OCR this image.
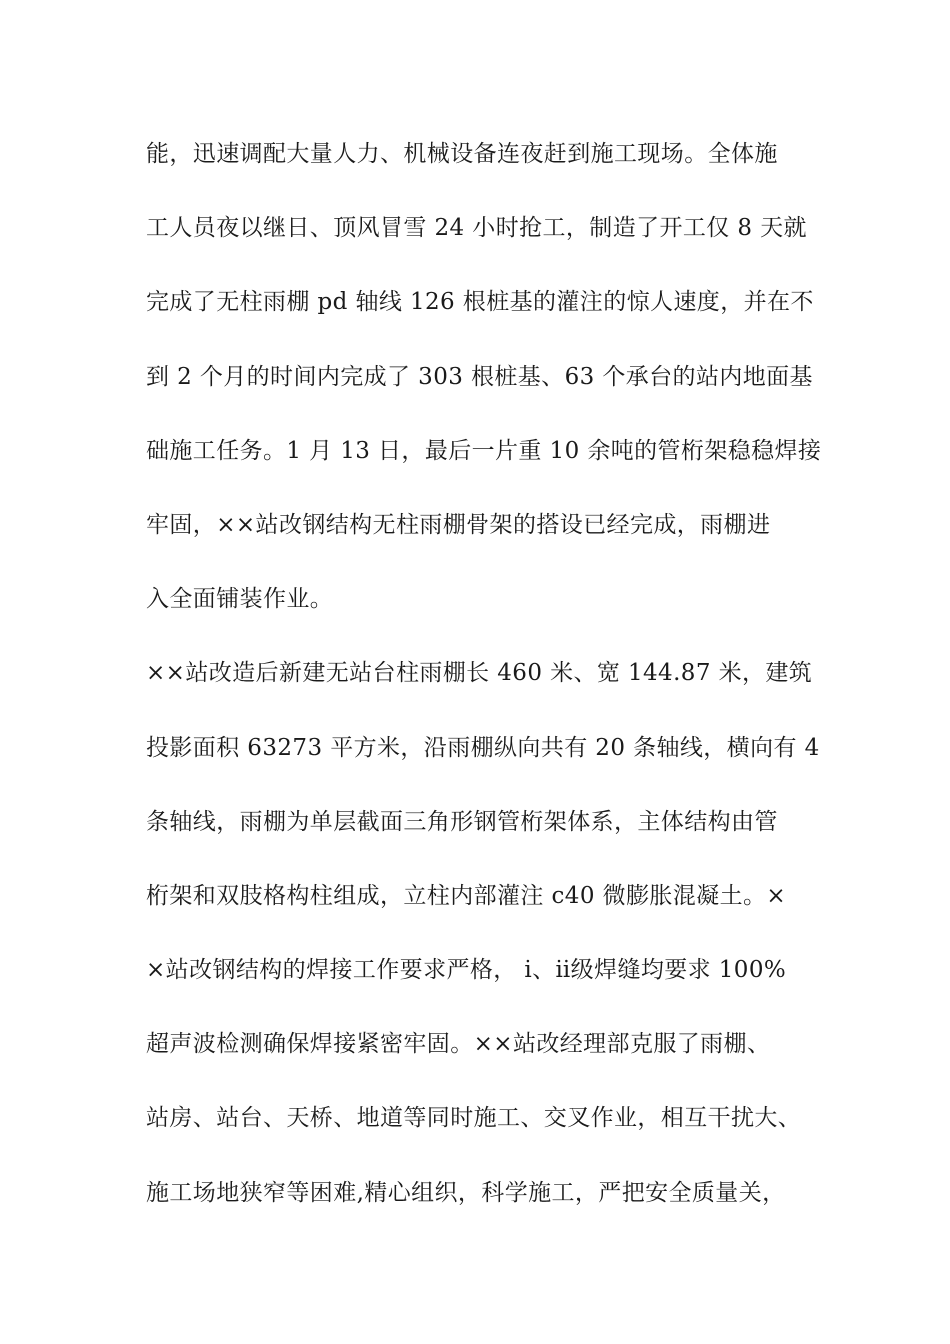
能，迅速调配大量人力、机械设备连夜赶到施工现场。全体施
工人员夜以继日、顶风冒雪 24 小时抢工，制造了开工仅 8 天就
完成了无柱雨棚 pd 轴线 126 根桩基的灌注的惊人速度，并在不
到 2 个月的时间内完成了 303 根桩基、63 个承台的站内地面基
础施工任务。1 月 13 日，最后一片重 10 余吨的管桁架稳稳焊接
牢固，××站改钢结构无柱雨棚骨架的搭设已经完成，雨棚进
入全面铺装作业。
××站改造后新建无站台柱雨棚长 460 米、宽 144.87 米，建筑
投影面积 63273 平方米，沿雨棚纵向共有 20 条轴线，横向有 4
条轴线，雨棚为单层截面三角形钢管桁架体系，主体结构由管
桁架和双肢格构柱组成，立柱内部灌注 c40 微膨胀混凝土。×
×站改钢结构的焊接工作要求严格， ⅰ、ⅱ级焊缝均要求 100%
超声波检测确保焊接紧密牢固。××站改经理部克服了雨棚、
站房、站台、天桥、地道等同时施工、交叉作业，相互干扰大、
施工场地狭窄等困难,精心组织，科学施工，严把安全质量关，
